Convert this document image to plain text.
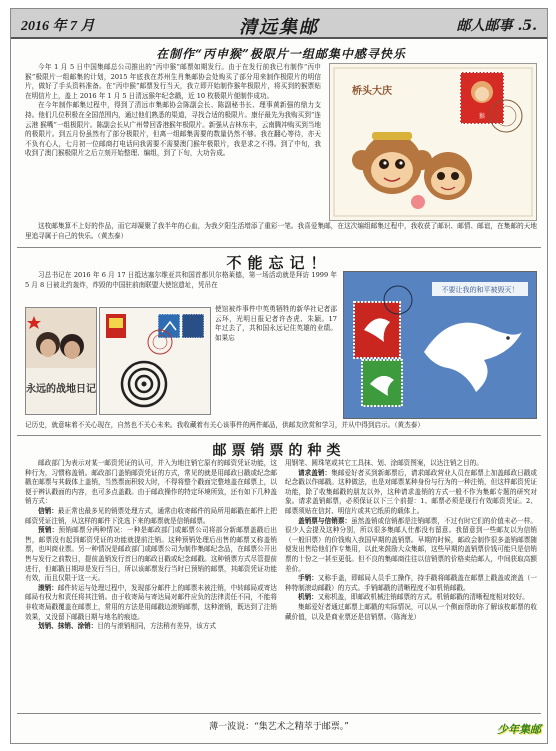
2016 年 7 月	清远集邮	邮人邮事 .5.
在制作“丙申猴”极限片一组邮集中感寻快乐

今年 1 月 5 日中国集邮总公司推出的“丙申猴”邮票如期发行。由于在发行前我已有制作“丙申猴”极限片一组邮集的计划，2015 年底我在苏州生肖集邮协会处购买了部分用来制作极限片的明信片，做好了手头资料准备。在“丙申猴”邮票发行当天，我立即开始制作猴年极限片，将买到的猴票贴在明信片上，盖上 2016 年 1 月 5 日清远猴年纪念戳，近 10 枚极限片便制作成功。

在今年制作邮集过程中，得到了清远市集邮协会陈副会长、陈副秘书长、理事黄新强的鼎力支持。他们几位积极在全国范围内，通过他们熟悉的渠道，寻找合适的极限片。康仔最先为我购买到“连云港 猴嘴”一组极限片。陈副会长从广州带回香港猴年极限片。新强从吉林东丰，云南腾冲购买到当地的极限片。到五月份虽然有了部分极限片，但离一组邮集需要的数量仍然不够。我在翻心等待，亦天不负有心人，七月初一位邮商打电话问我需要不需要澳门猴年极限片，我是求之不得。到了中旬，我收到了澳门猴极限片之后立刻开始整理、编组，到了下旬，大功告成。

猴
桥头大庆

这枚邮集算不上好的作品，而它却凝聚了我半年的心血，为我夕阳生活增添了重彩一笔。我喜爱集邮，在这次编组邮集过程中，我收获了邮识、邮情、邮谊，在集邮的天地里追寻属于自己的快乐。（黄杰泰）

不能忘记！

习总书记在 2016 年 6 月 17 日抵达塞尔维亚共和国首都贝尔格莱德，第一场活动就是拜访 1999 年 5 月 8 日被北约轰炸，炸毁的中国驻前南联盟大使馆遗址，凭吊在

永远的战地日记

使馆被炸事件中英勇牺牲的新华社记者邵云环，光明日报记者许杏虎、朱颖。17 年过去了，共和国永远记住英雄的业绩。如果忘

不要让我的和平被毁灭！

记历史，就意味着不关心现在，自然也不关心未来。我收藏着有关心该事件的两件邮品，供邮友欣赏和学习，并从中得到启示。（黄杰泰）

邮票销票的种类

邮政部门为表示对某一邮资凭证的认可，并入为地注销它原有的邮资凭证功能，这种行为，习惯称盖销。邮政部门盖销邮资凭证的方式，常见的就是用邮政日戳或纪念邮戳在邮票与其载体上盖销，当然票面积较大时，不得将整个戳面完整地盖在邮票上，以便于辨认戳面的内容，也可多点盖戳。由于邮政操作的特定环境所致，还有如下几种盖销方式：

信销：最正常也最多见的销票处理方式，通常由收寄邮件的局所用邮戳在邮件上把邮资凭证注销，从这样的邮件下洗选下来的邮票就是信销邮票。

预销：预销邮票分两种情况：一种是邮政部门或邮票公司将部分新邮票盖戳后出售，邮票没有起到邮资凭证的功能就提前注销。这种预销处理后出售的邮票又称盖销票，也叫商业票。另一种情况是邮政部门或邮票公司为制作集邮纪念品，在邮票公开出售与发行之前数日，提前盖销发行首日的邮政日戳或纪念邮戳。这种销票方式尽管提前进行，但邮戳日期却是发行当日，所以该邮票发行当时已预销的邮票，其邮资凭证功能有效，而且仅限于这一天。

滚销：邮件转运与处理过程中，发现部分邮件上的邮票未被注销，中转邮局或寄达邮局有权力和责任将其注销。由于收寄局与寄达局对邮件应负的法律责任不同，不能将非收寄局戳覆盖在邮票上，常用的方法是用邮戳边滚销邮票，这种滚销，既达到了注销效果，又没留下邮戳日期与地名的痕迹。

划销、抹销、涂销：目的与滚销相同，方法稍有差异，该方式

用钢笔、圆珠笔或其它工具抹、划、涂邮资图案，以达注销之目的。

请求盖销：集邮爱好者买到新邮票后，请求邮政营业人员在邮票上加盖邮政日戳或纪念戳以作邮戳。这种做法，也是对邮票某种身份与行为的一种注销，但这样邮资凭证功能，除了收集邮戳的朋友以外，这种请求盖销的方式一般不作为集邮专题的研究对象。请求盖销邮票，必须保证以下三个前提：1、邮票必须是现行有效邮资凭证。2、邮票须贴在信封、明信片或其它纸质的载体上。

盖销票与信销票：虽然盖销或信销都是注销邮票，不过有时它们的价值未必一样。很少人会提及这种分别，所以很多集邮人仕都没有留意。我留意到一些邮友以为信销（一般旧票）的价钱购入我国早期的盖销票。早期的时候，邮政会制作很多盖销邮票随便发出售给他们作专集用，以此来鼓励大众集邮，这些早期的盖销票价钱可能只是信销票的十份之一甚至更低。但不良的集邮商往往以信销票的价格卖给邮人，中间获取高额差价。

手销：又称手盖，即邮局人员手工操作，持手戳将邮戳盖在邮票上戳盖或滚盖（一种特制滚动邮戳）的方式。手销邮戳的清晰程度不如机销邮戳。

机销：又称机盖，即邮政机械注销邮票的方式。机销邮戳的清晰程度相对较好。

集邮爱好者通过邮票上邮戳的实际情况，可以从一个侧面帮助你了解该枚邮票的收藏价值，以及是商业票还是信销票。（陈海龙）

薄一波说：“集艺术之精萃于邮票。”	少年集邮
